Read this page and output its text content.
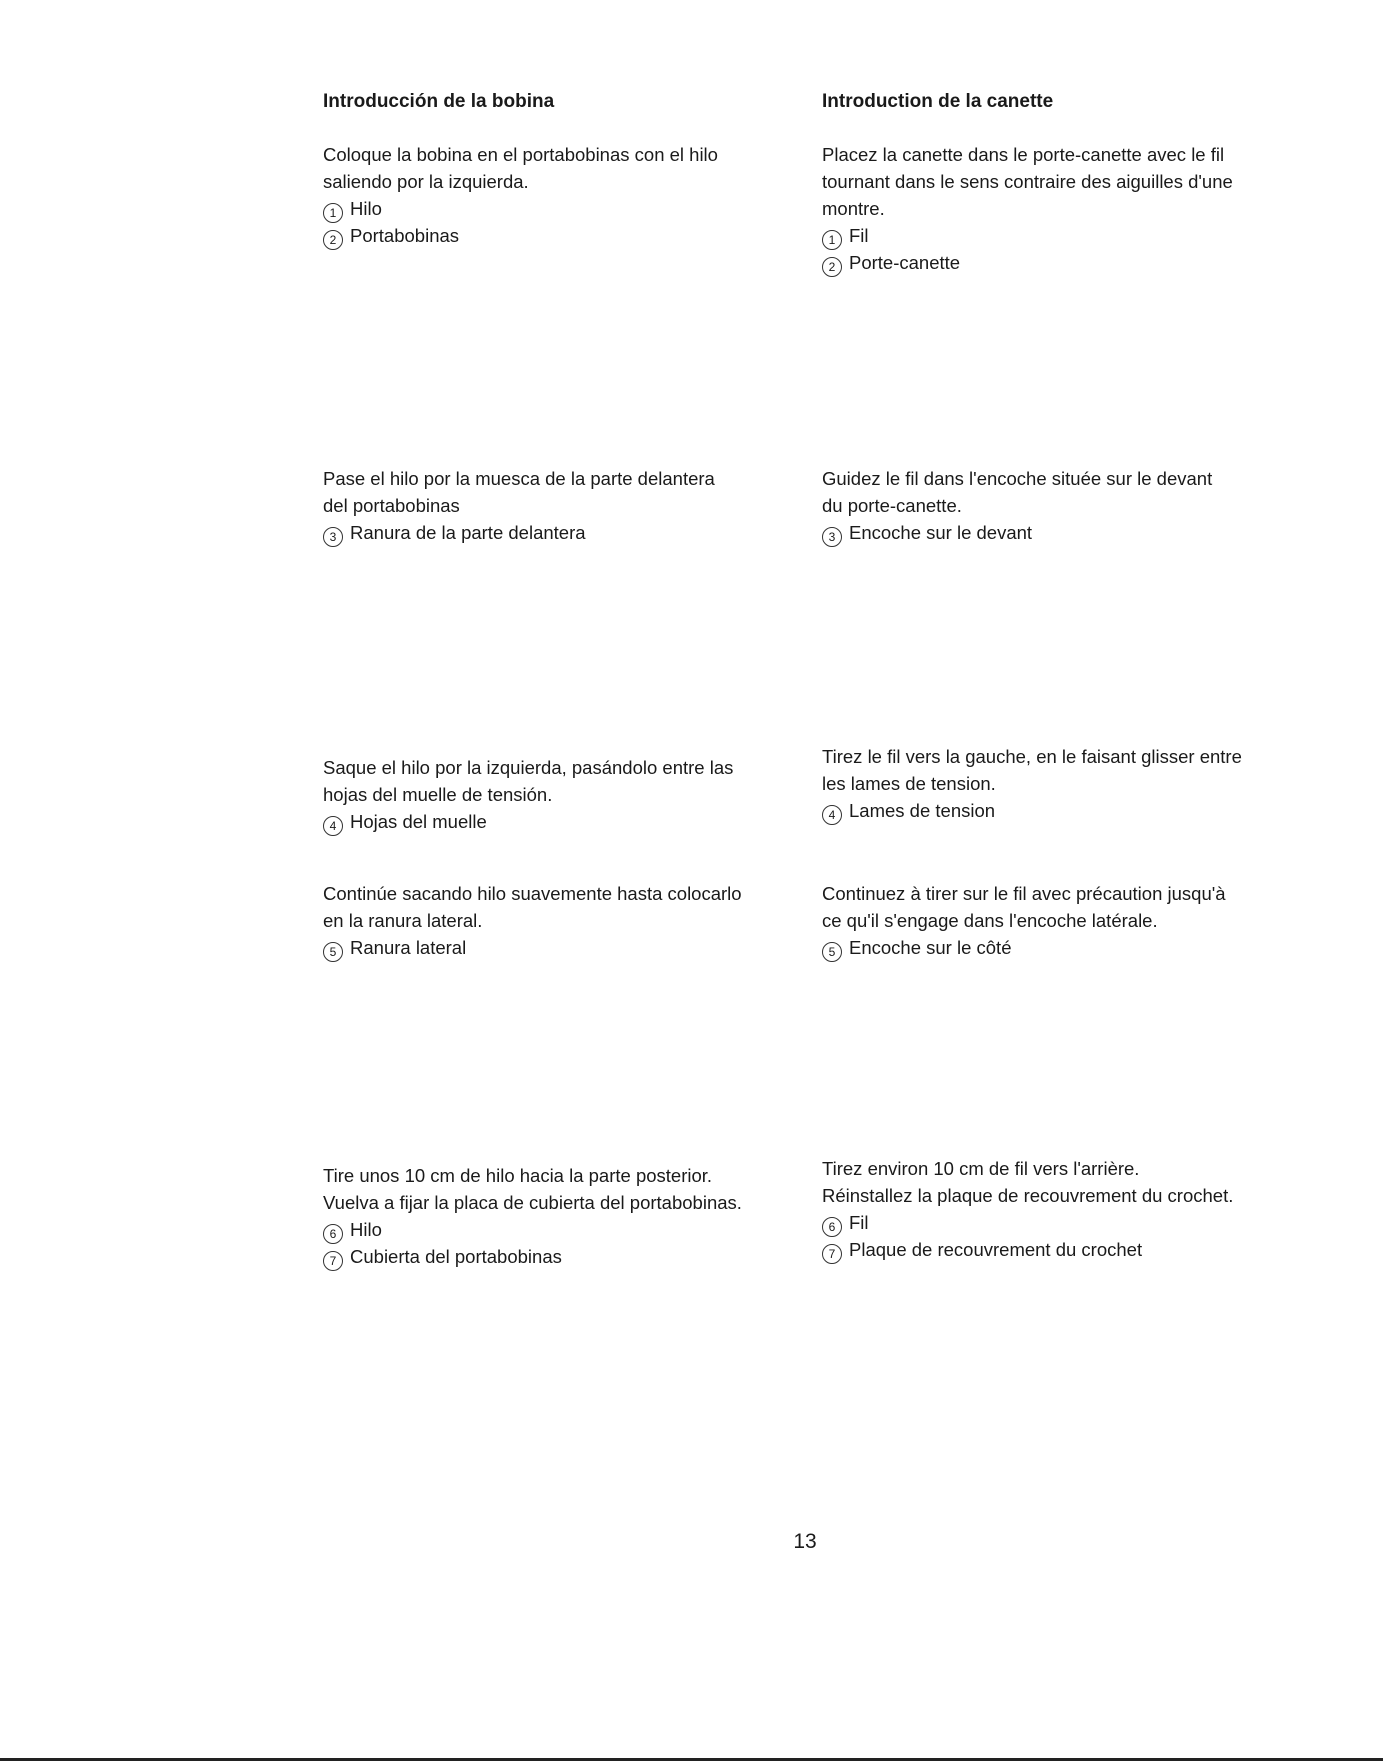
Introducción de la bobina

Coloque la bobina en el portabobinas con el hilo

saliendo por la izquierda.

1 Hilo
2 Portabobinas

Pase el hilo por la muesca de la parte delantera

del portabobinas

3 Ranura de la parte delantera

Saque el hilo por la izquierda, pasándolo entre las

hojas del muelle de tensión.

4 Hojas del muelle

Continúe sacando hilo suavemente hasta colocarlo

en la ranura lateral.

5 Ranura lateral

Tire unos 10 cm de hilo hacia la parte posterior.

Vuelva a fijar la placa de cubierta del portabobinas.

6 Hilo
7 Cubierta del portabobinas
Introduction de la canette

Placez la canette dans le porte-canette avec le fil

tournant dans le sens contraire des aiguilles d'une

montre.

1 Fil
2 Porte-canette

Guidez le fil dans l'encoche située sur le devant

du porte-canette.

3 Encoche sur le devant

Tirez le fil vers la gauche, en le faisant glisser entre

les lames de tension.

4 Lames de tension

Continuez à tirer sur le fil avec précaution jusqu'à

ce qu'il s'engage dans l'encoche latérale.

5 Encoche sur le côté

Tirez environ 10 cm de fil vers l'arrière.

Réinstallez la plaque de recouvrement du crochet.

6 Fil
7 Plaque de recouvrement du crochet
13
